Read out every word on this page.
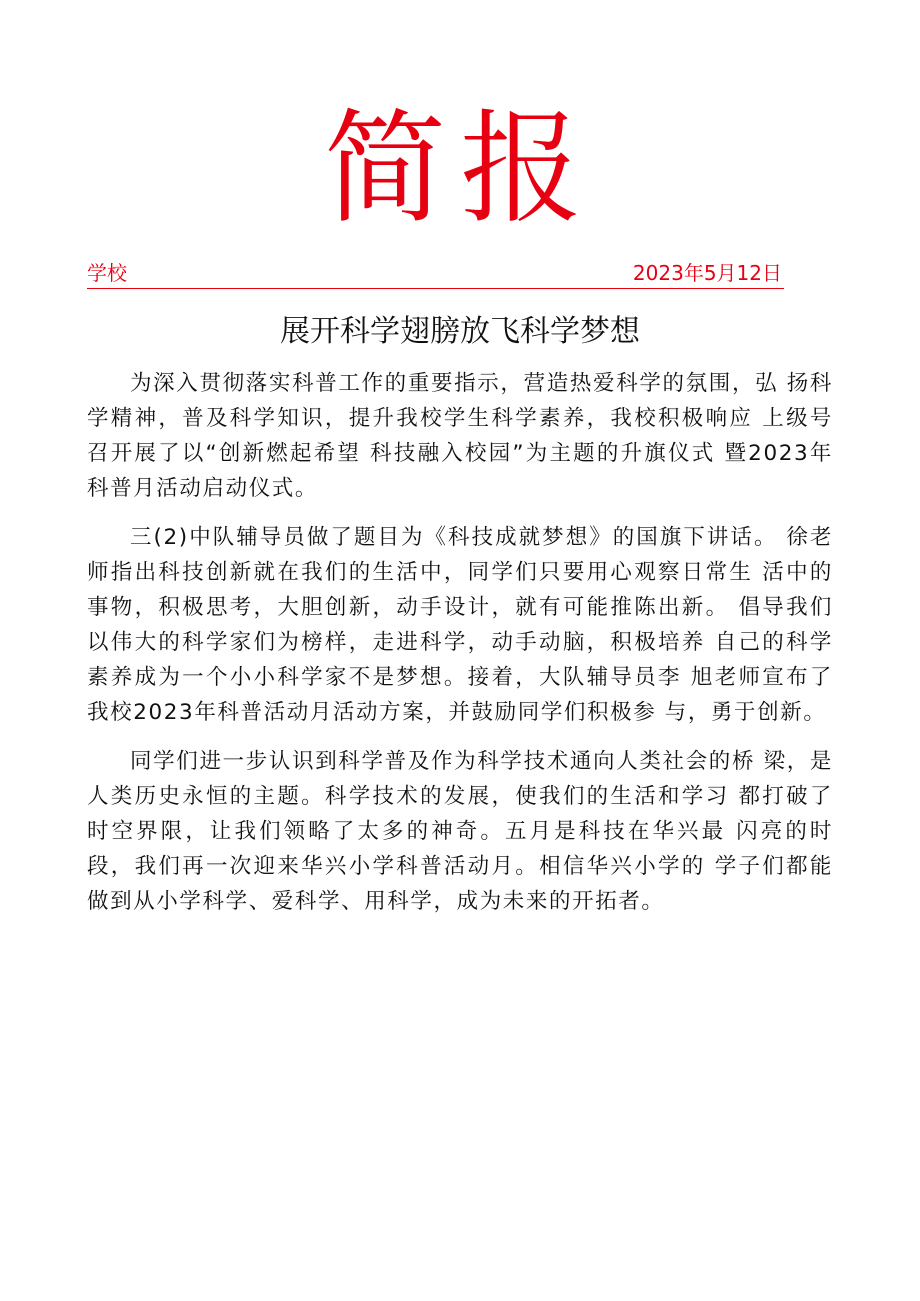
简报
学校	2023年5月12日
展开科学翅膀放飞科学梦想

为深入贯彻落实科普工作的重要指示，营造热爱科学的氛围，弘 扬科学精神，普及科学知识，提升我校学生科学素养，我校积极响应 上级号召开展了以“创新燃起希望 科技融入校园”为主题的升旗仪式 暨2023年科普月活动启动仪式。

三(2)中队辅导员做了题目为《科技成就梦想》的国旗下讲话。 徐老师指出科技创新就在我们的生活中，同学们只要用心观察日常生 活中的事物，积极思考，大胆创新，动手设计，就有可能推陈出新。 倡导我们以伟大的科学家们为榜样，走进科学，动手动脑，积极培养 自己的科学素养成为一个小小科学家不是梦想。接着，大队辅导员李 旭老师宣布了我校2023年科普活动月活动方案，并鼓励同学们积极参 与，勇于创新。

同学们进一步认识到科学普及作为科学技术通向人类社会的桥 梁，是人类历史永恒的主题。科学技术的发展，使我们的生活和学习 都打破了时空界限，让我们领略了太多的神奇。五月是科技在华兴最 闪亮的时段，我们再一次迎来华兴小学科普活动月。相信华兴小学的 学子们都能做到从小学科学、爱科学、用科学，成为未来的开拓者。
